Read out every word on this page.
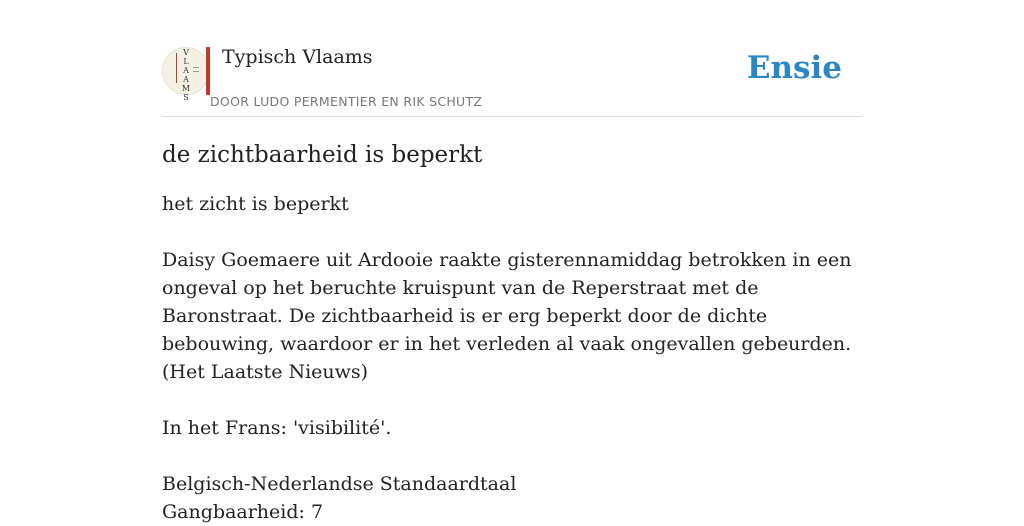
V
L
A
A
M
S
Typisch Vlaams
DOOR LUDO PERMENTIER EN RIK SCHUTZ
Ensie
de zichtbaarheid is beperkt

het zicht is beperkt

Daisy Goemaere uit Ardooie raakte gisterennamiddag betrokken in een ongeval op het beruchte kruispunt van de Reperstraat met de Baronstraat. De zichtbaarheid is er erg beperkt door de dichte bebouwing, waardoor er in het verleden al vaak ongevallen gebeurden.
(Het Laatste Nieuws)

In het Frans: 'visibilité'.

Belgisch-Nederlandse Standaardtaal
Gangbaarheid: 7
